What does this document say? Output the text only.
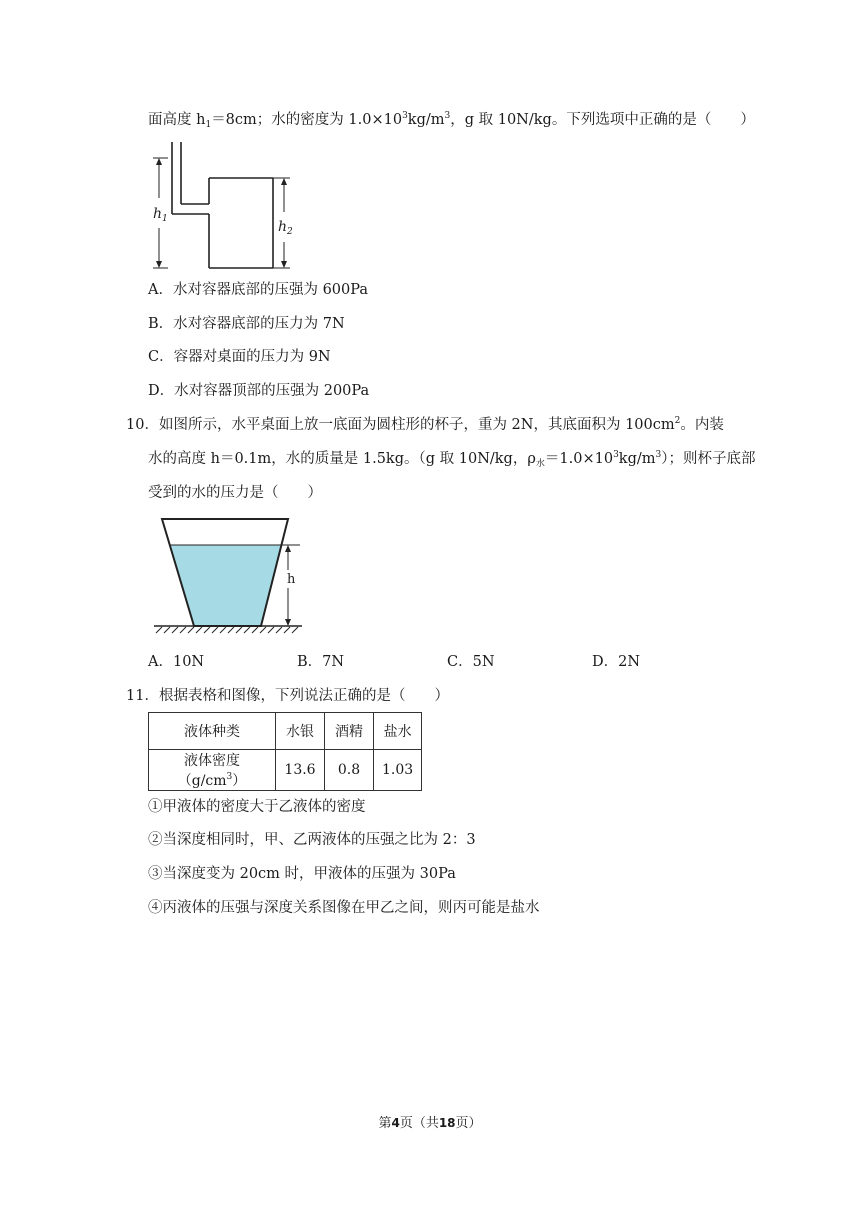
面高度 $h_1=8cm$；水的密度为 $1.0\times 10^3kg/m^3$，g 取 10N/kg。下列选项中正确的是（　　）
$h_1$	$h_2$
A．水对容器底部的压强为 600Pa
B．水对容器底部的压力为 7N
C．容器对桌面的压力为 9N
D．水对容器顶部的压强为 200Pa
10．如图所示，水平桌面上放一底面为圆柱形的杯子，重为 2N，其底面积为 $100cm^2$。内装
水的高度 h＝0.1m，水的质量是 1.5kg。（g 取 10N/kg，$\rho_水=1.0\times 10^3kg/m^3$）；则杯子底部
受到的水的压力是（　　）
h
A．10N	B．7N	C．5N	D．2N
11．根据表格和图像，下列说法正确的是（　　）
液体种类	水银	酒精	盐水
液体密度$(g/cm^3)$	13.6	0.8	1.03
①甲液体的密度大于乙液体的密度
②当深度相同时，甲、乙两液体的压强之比为 2：3
③当深度变为 20cm 时，甲液体的压强为 30Pa
④丙液体的压强与深度关系图像在甲乙之间，则丙可能是盐水
第4页（共18页）
